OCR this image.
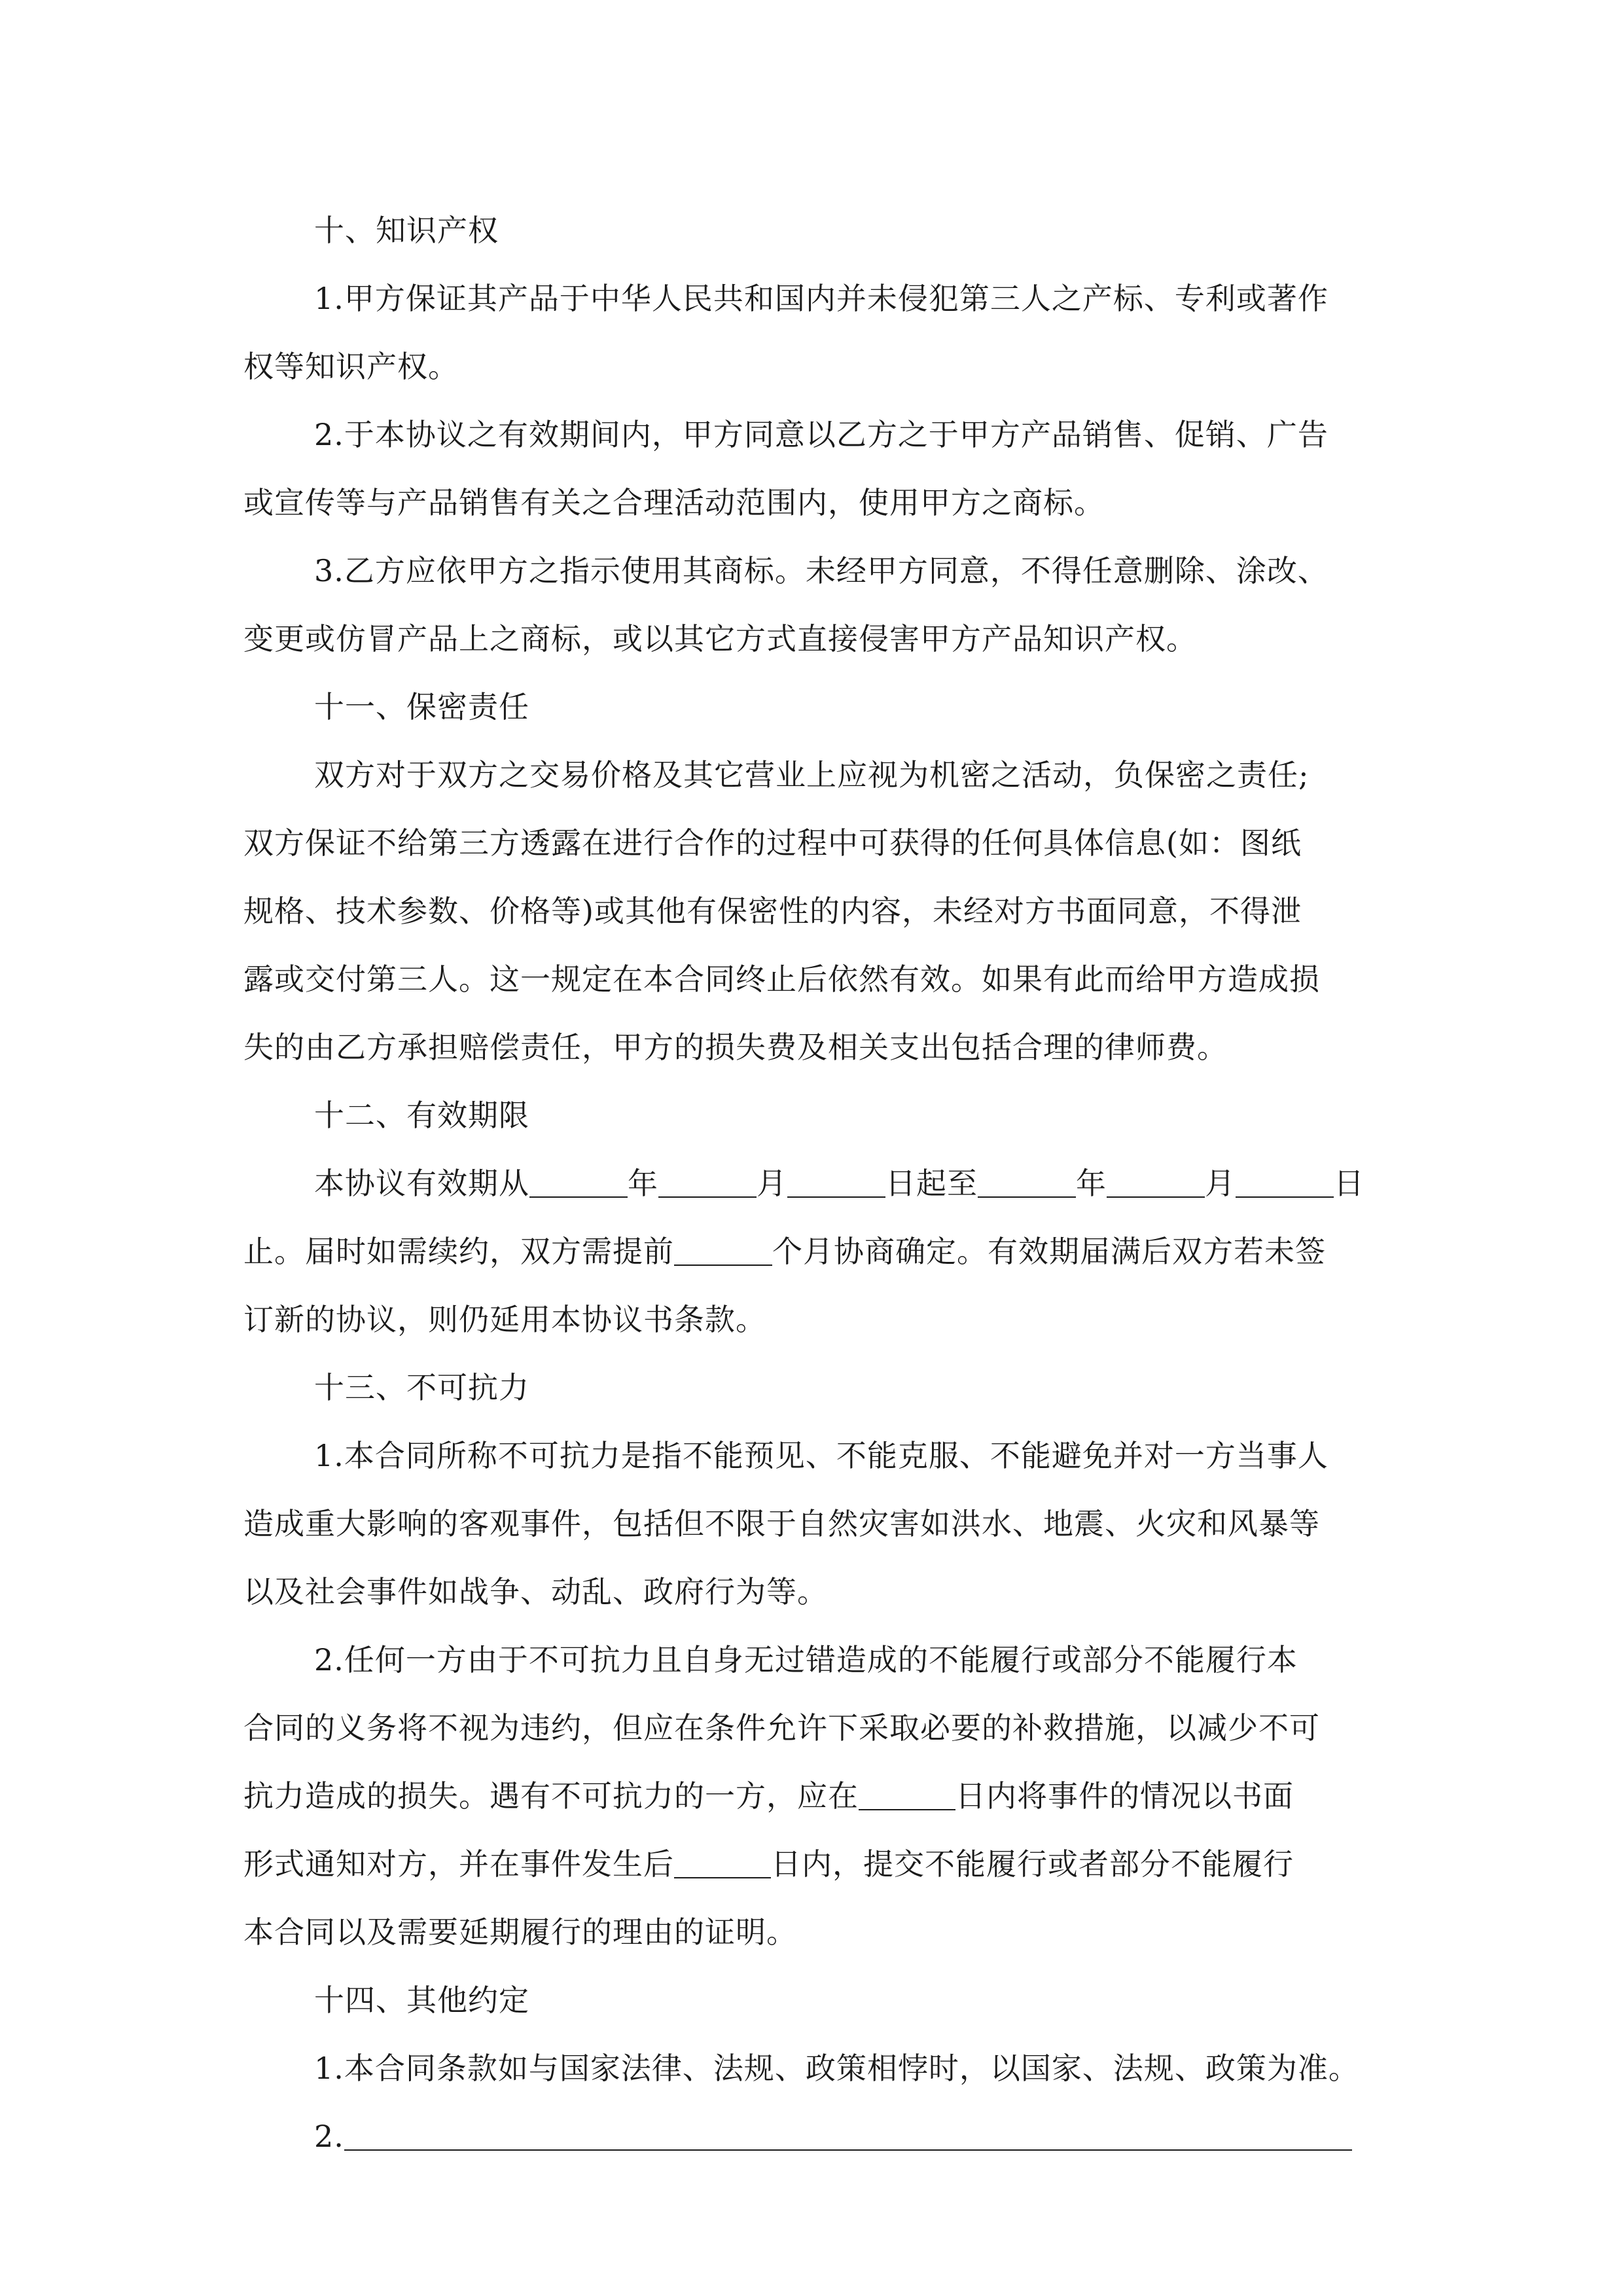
十、知识产权
1.甲方保证其产品于中华人民共和国内并未侵犯第三人之产标、专利或著作
权等知识产权。
2.于本协议之有效期间内，甲方同意以乙方之于甲方产品销售、促销、广告
或宣传等与产品销售有关之合理活动范围内，使用甲方之商标。
3.乙方应依甲方之指示使用其商标。未经甲方同意，不得任意删除、涂改、
变更或仿冒产品上之商标，或以其它方式直接侵害甲方产品知识产权。
十一、保密责任
双方对于双方之交易价格及其它营业上应视为机密之活动，负保密之责任;
双方保证不给第三方透露在进行合作的过程中可获得的任何具体信息(如：图纸
规格、技术参数、价格等)或其他有保密性的内容，未经对方书面同意，不得泄
露或交付第三人。这一规定在本合同终止后依然有效。如果有此而给甲方造成损
失的由乙方承担赔偿责任，甲方的损失费及相关支出包括合理的律师费。
十二、有效期限
本协议有效期从	年	月	日起至	年	月	日
止。届时如需续约，双方需提前	个月协商确定。有效期届满后双方若未签
订新的协议，则仍延用本协议书条款。
十三、不可抗力
1.本合同所称不可抗力是指不能预见、不能克服、不能避免并对一方当事人
造成重大影响的客观事件，包括但不限于自然灾害如洪水、地震、火灾和风暴等
以及社会事件如战争、动乱、政府行为等。
2.任何一方由于不可抗力且自身无过错造成的不能履行或部分不能履行本
合同的义务将不视为违约，但应在条件允许下采取必要的补救措施，以减少不可
抗力造成的损失。遇有不可抗力的一方，应在	日内将事件的情况以书面
形式通知对方，并在事件发生后	日内，提交不能履行或者部分不能履行
本合同以及需要延期履行的理由的证明。
十四、其他约定
1.本合同条款如与国家法律、法规、政策相悖时，以国家、法规、政策为准。
2.
